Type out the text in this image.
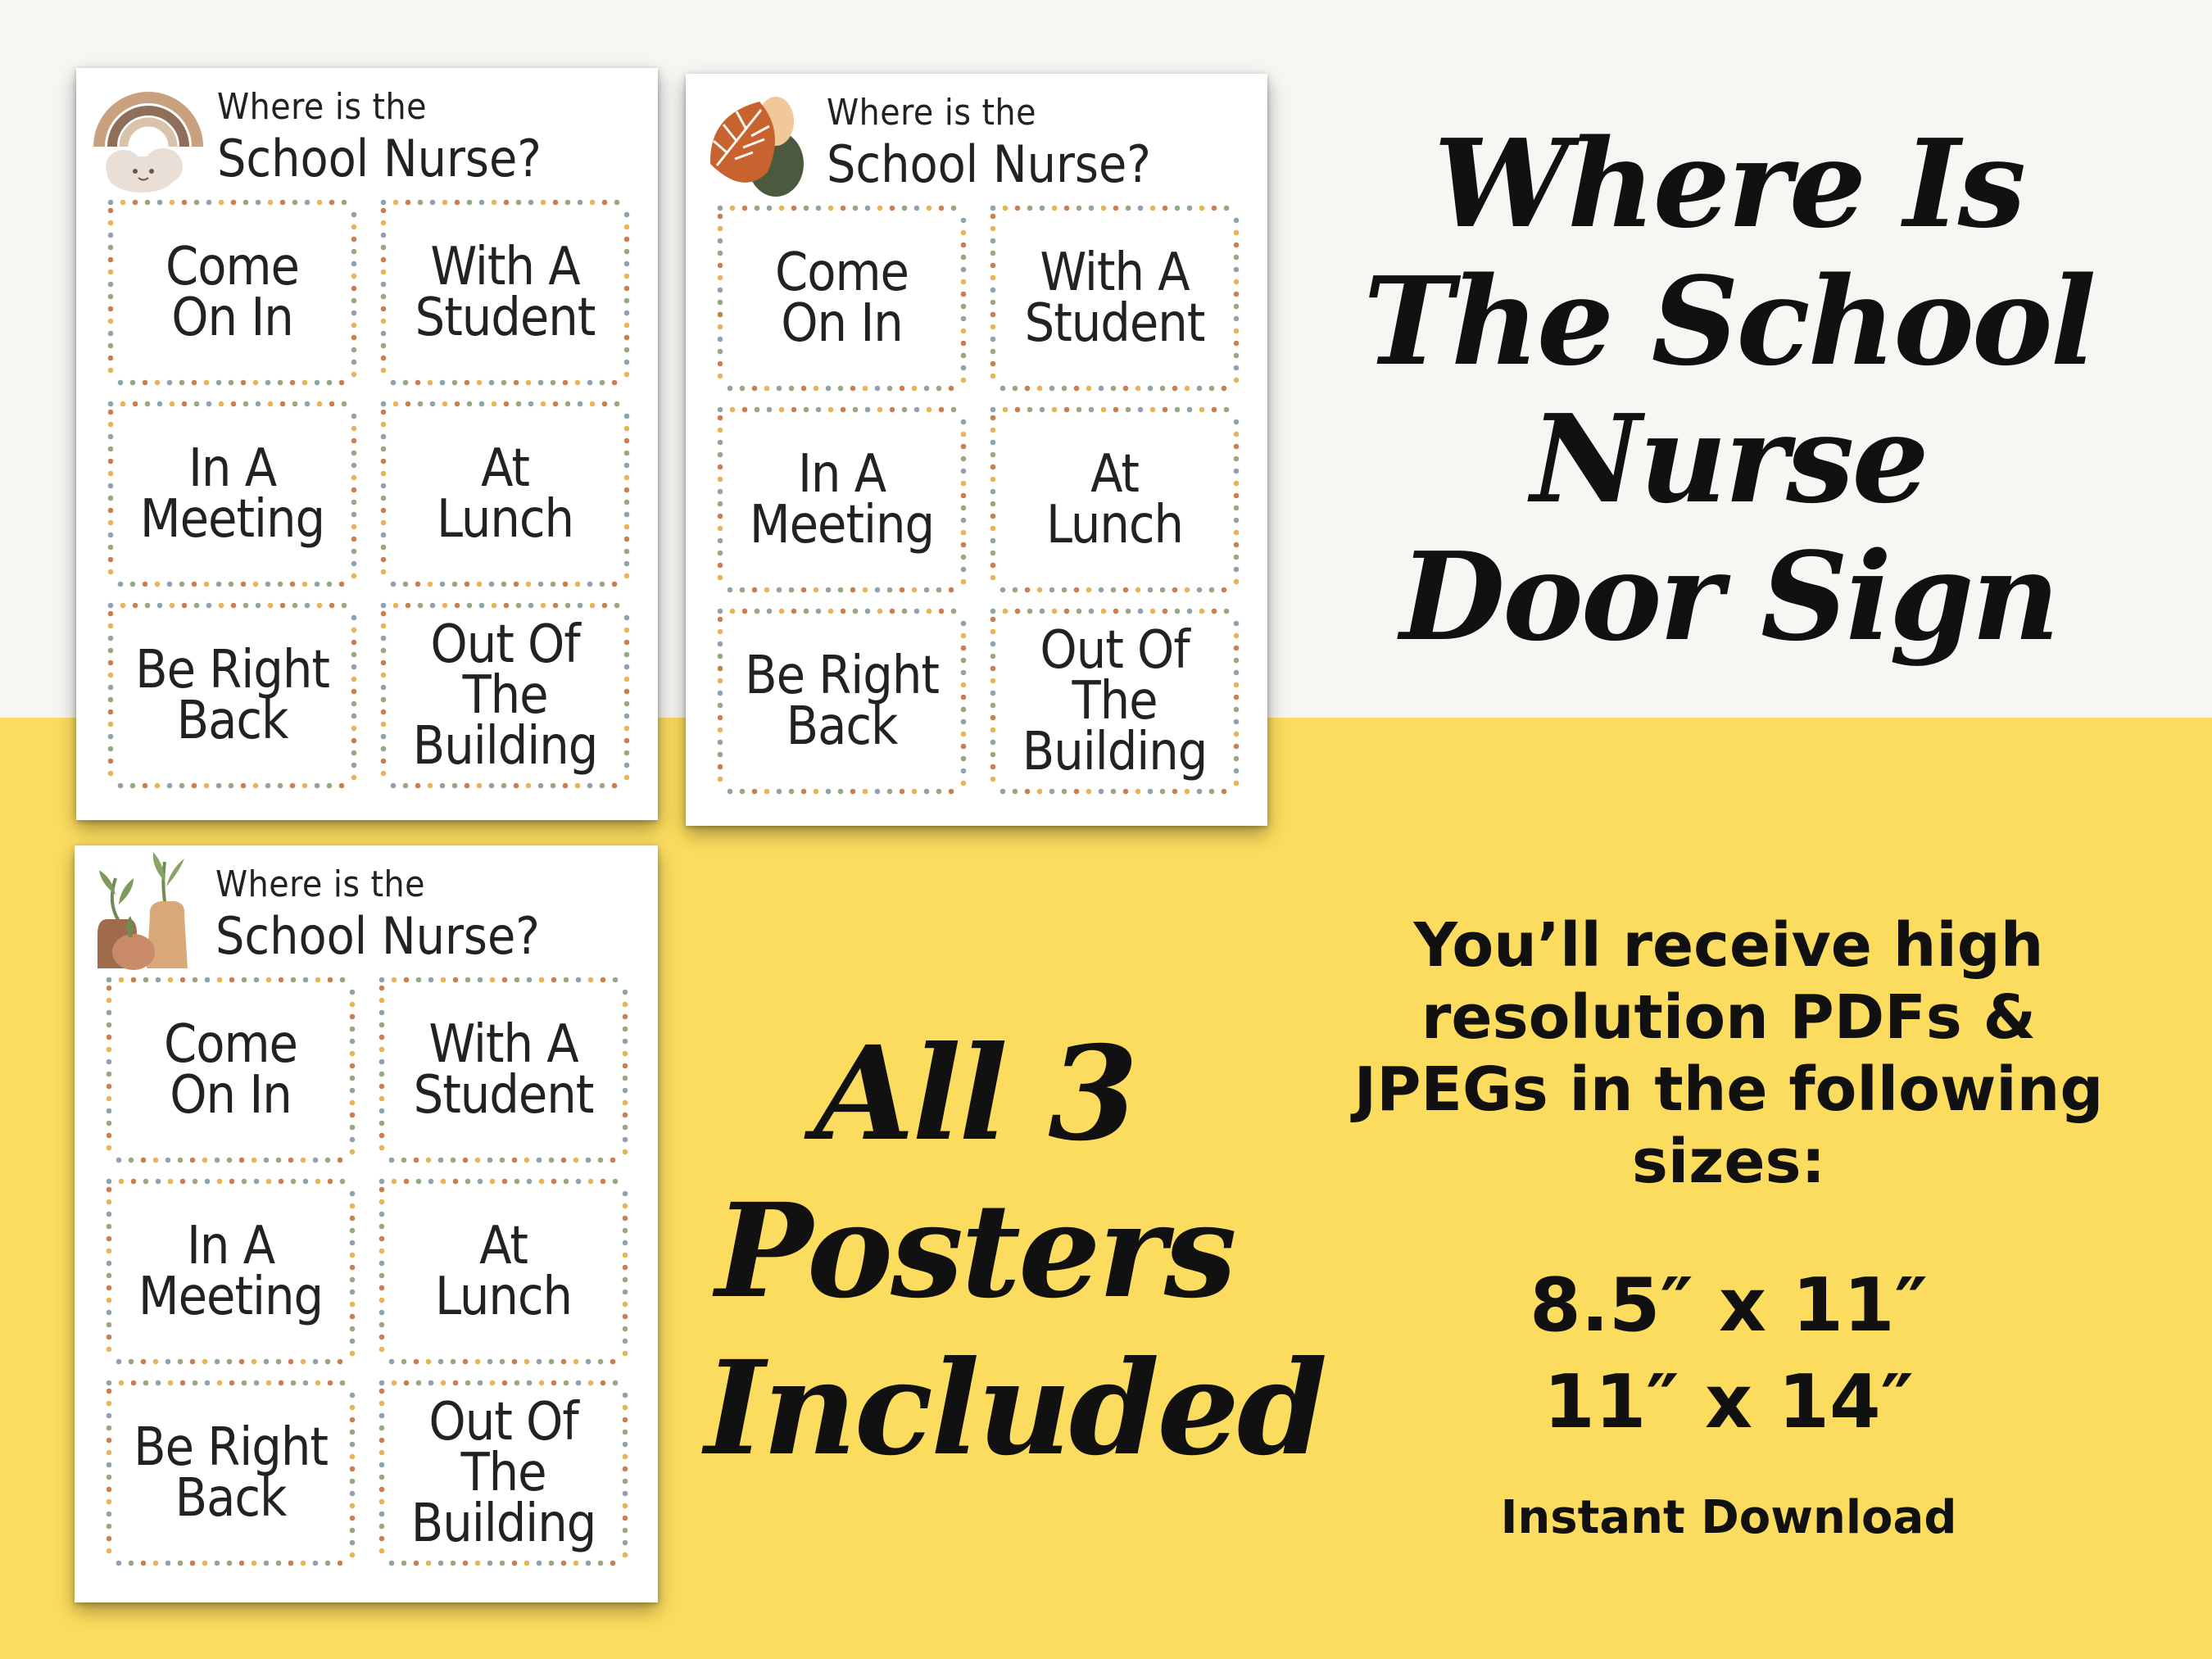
Where is the
School Nurse?
Come
On In
With A
Student
In A
Meeting
At
Lunch
Be Right
Back
Out Of
The
Building
Where is the
School Nurse?
Come
On In
With A
Student
In A
Meeting
At
Lunch
Be Right
Back
Out Of
The
Building
Where is the
School Nurse?
Come
On In
With A
Student
In A
Meeting
At
Lunch
Be Right
Back
Out Of
The
Building
Where Is
The School
Nurse
Door Sign
All 3
Posters
Included
You’ll receive high
resolution PDFs &
JPEGs in the following
sizes:
8.5″ x 11″
11″ x 14″
Instant Download
